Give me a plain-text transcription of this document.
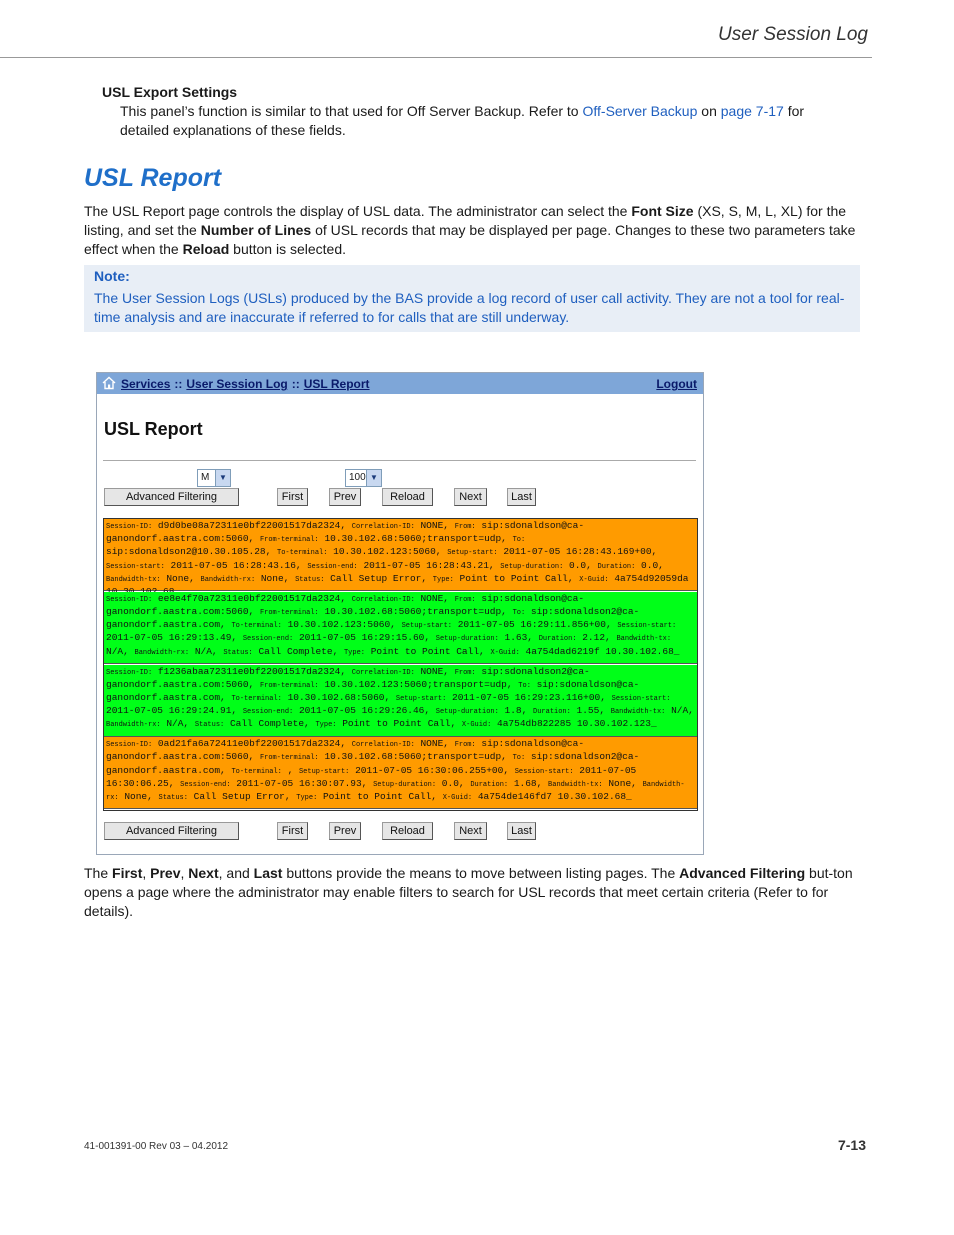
User Session Log
USL Export Settings
This panel’s function is similar to that used for Off Server Backup. Refer to Off-Server Backup on page 7-17 for detailed explanations of these fields.
USL Report
The USL Report page controls the display of USL data. The administrator can select the Font Size (XS, S, M, L, XL) for the listing, and set the Number of Lines of USL records that may be displayed per page. Changes to these two parameters take effect when the Reload button is selected.
Note:
The User Session Logs (USLs) produced by the BAS provide a log record of user call activity. They are not a tool for real-time analysis and are inaccurate if referred to for calls that are still underway.
Services :: User Session Log :: USL Report	Logout
USL Report
M	▼	100 ▼
Advanced Filtering	First	Prev	Reload	Next	Last
Session-ID: d9d0be08a72311e0bf22001517da2324, Correlation-ID: NONE, From: sip:sdonaldson@ca-ganondorf.aastra.com:5060, From-terminal: 10.30.102.68:5060;transport=udp, To: sip:sdonaldson2@10.30.105.28, To-terminal: 10.30.102.123:5060, Setup-start: 2011-07-05 16:28:43.169+00, Session-start: 2011-07-05 16:28:43.16, Session-end: 2011-07-05 16:28:43.21, Setup-duration: 0.0, Duration: 0.0, Bandwidth-tx: None, Bandwidth-rx: None, Status: Call Setup Error, Type: Point to Point Call, X-Guid: 4a754d92059da
Session-ID: ee8e4f70a72311e0bf22001517da2324, Correlation-ID: NONE, From: sip:sdonaldson@ca-ganondorf.aastra.com:5060, From-terminal: 10.30.102.68:5060;transport=udp, To: sip:sdonaldson2@ca-ganondorf.aastra.com, To-terminal: 10.30.102.123:5060, Setup-start: 2011-07-05 16:29:11.856+00, Session-start: 2011-07-05 16:29:13.49, Session-end: 2011-07-05 16:29:15.60, Setup-duration: 1.63, Duration: 2.12, Bandwidth-tx: N/A, Bandwidth-rx: N/A, Status: Call Complete, Type: Point to Point Call, X-Guid: 4a754dad6219f 10.30.102.68_
Session-ID: f1236abaa72311e0bf22001517da2324, Correlation-ID: NONE, From: sip:sdonaldson2@ca-ganondorf.aastra.com:5060, From-terminal: 10.30.102.123:5060;transport=udp, To: sip:sdonaldson@ca-ganondorf.aastra.com, To-terminal: 10.30.102.68:5060, Setup-start: 2011-07-05 16:29:23.116+00, Session-start: 2011-07-05 16:29:24.91, Session-end: 2011-07-05 16:29:26.46, Setup-duration: 1.8, Duration: 1.55, Bandwidth-tx: N/A, Bandwidth-rx: N/A, Status: Call Complete, Type: Point to Point Call, X-Guid: 4a754db822285 10.30.102.123_
Session-ID: 0ad21fa6a72411e0bf22001517da2324, Correlation-ID: NONE, From: sip:sdonaldson@ca-ganondorf.aastra.com:5060, From-terminal: 10.30.102.68:5060;transport=udp, To: sip:sdonaldson2@ca-ganondorf.aastra.com, To-terminal: , Setup-start: 2011-07-05 16:30:06.255+00, Session-start: 2011-07-05 16:30:06.25, Session-end: 2011-07-05 16:30:07.93, Setup-duration: 0.0, Duration: 1.68, Bandwidth-tx: None, Bandwidth-rx: None, Status: Call Setup Error, Type: Point to Point Call, X-Guid: 4a754de146fd7 10.30.102.68_
Advanced Filtering	First	Prev	Reload	Next	Last
The First, Prev, Next, and Last buttons provide the means to move between listing pages. The Advanced Filtering but-ton opens a page where the administrator may enable filters to search for USL records that meet certain criteria (Refer to for details).
41-001391-00 Rev 03 – 04.2012	7-13
